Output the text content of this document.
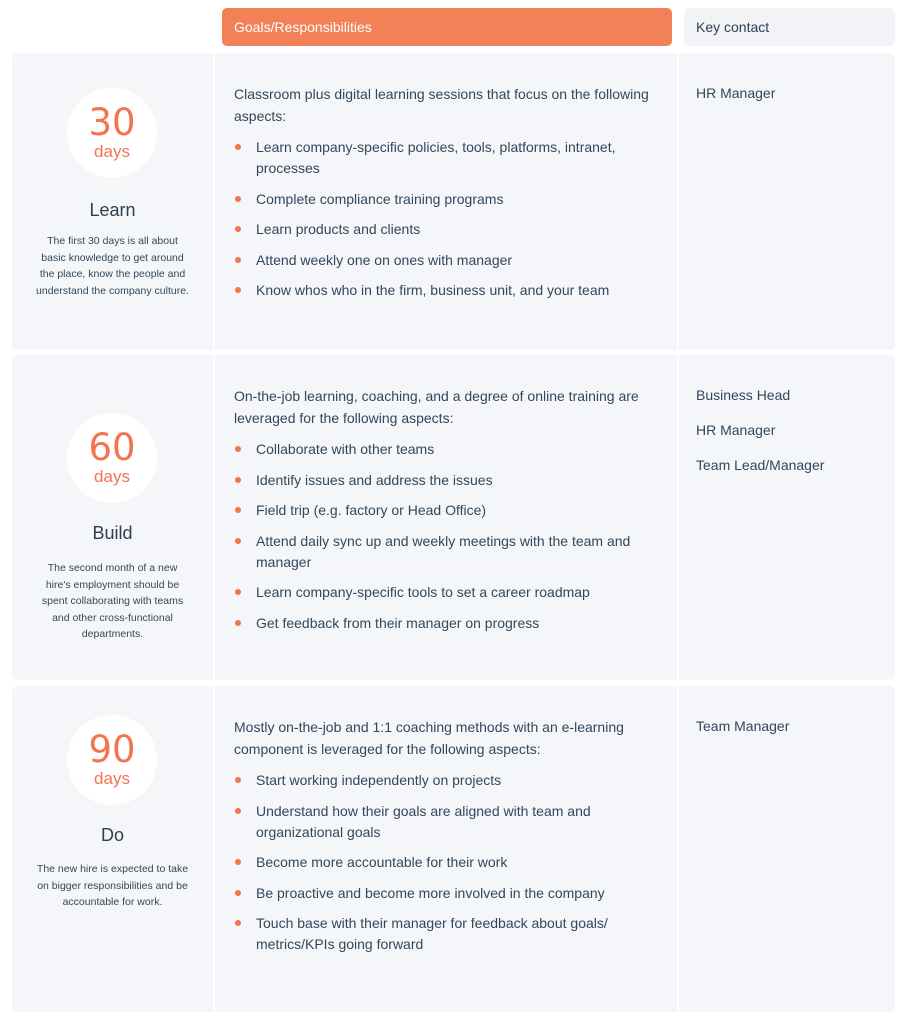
Goals/Responsibilities	Key contact
30
days
Learn
The first 30 days is all about basic knowledge to get around the place, know the people and understand the company culture.

Classroom plus digital learning sessions that focus on the following aspects:

Learn company-specific policies, tools, platforms, intranet, processes
Complete compliance training programs
Learn products and clients
Attend weekly one on ones with manager
Know whos who in the firm, business unit, and your team
HR Manager
60
days
Build
The second month of a new hire's employment should be spent collaborating with teams and other cross-functional departments.

On-the-job learning, coaching, and a degree of online training are leveraged for the following aspects:

Collaborate with other teams
Identify issues and address the issues
Field trip (e.g. factory or Head Office)
Attend daily sync up and weekly meetings with the team and manager
Learn company-specific tools to set a career roadmap
Get feedback from their manager on progress
Business Head
HR Manager
Team Lead/Manager
90
days
Do
The new hire is expected to take on bigger responsibilities and be accountable for work.

Mostly on-the-job and 1:1 coaching methods with an e-learning component is leveraged for the following aspects:

Start working independently on projects
Understand how their goals are aligned with team and organizational goals
Become more accountable for their work
Be proactive and become more involved in the company
Touch base with their manager for feedback about goals/ metrics/KPIs going forward
Team Manager
